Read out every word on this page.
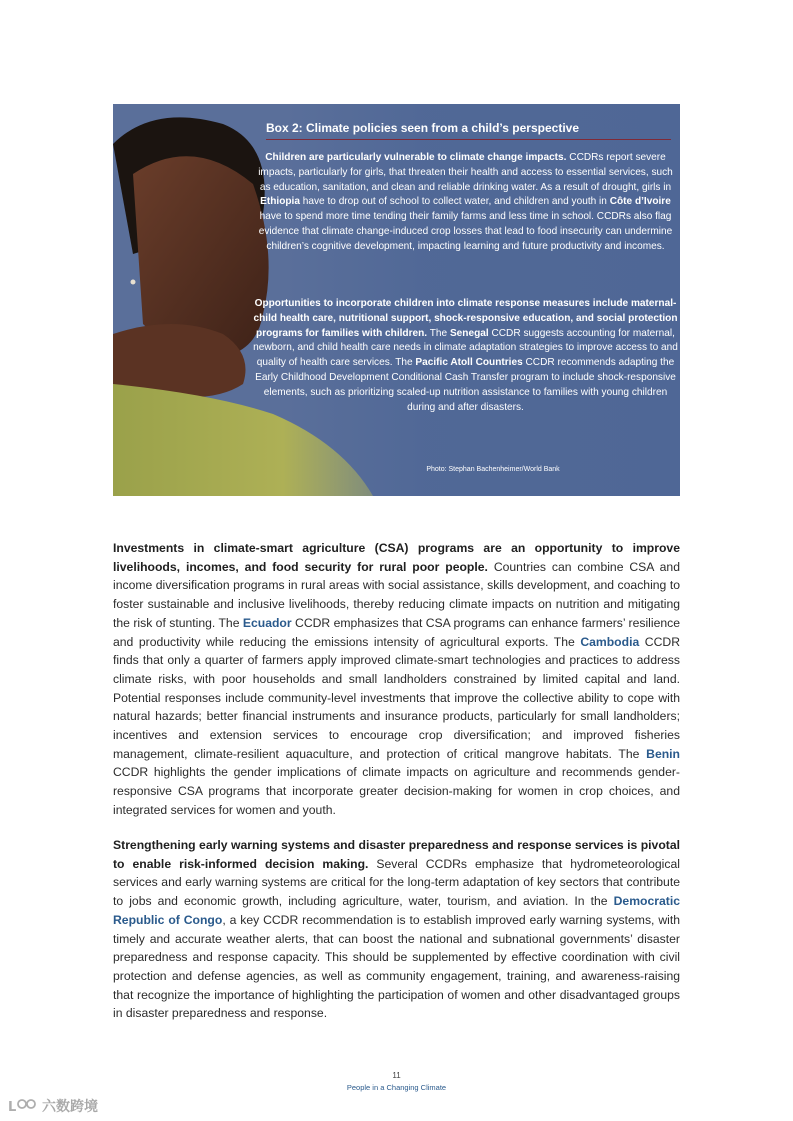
Box 2: Climate policies seen from a child’s perspective

Children are particularly vulnerable to climate change impacts. CCDRs report severe impacts, particularly for girls, that threaten their health and access to essential services, such as education, sanitation, and clean and reliable drinking water. As a result of drought, girls in Ethiopia have to drop out of school to collect water, and children and youth in Côte d’Ivoire have to spend more time tending their family farms and less time in school. CCDRs also flag evidence that climate change-induced crop losses that lead to food insecurity can undermine children’s cognitive development, impacting learning and future productivity and incomes.

Opportunities to incorporate children into climate response measures include maternal-child health care, nutritional support, shock-responsive education, and social protection programs for families with children. The Senegal CCDR suggests accounting for maternal, newborn, and child health care needs in climate adaptation strategies to improve access to and quality of health care services. The Pacific Atoll Countries CCDR recommends adapting the Early Childhood Development Conditional Cash Transfer program to include shock-responsive elements, such as prioritizing scaled-up nutrition assistance to families with young children during and after disasters.

Photo: Stephan Bachenheimer/World Bank

Investments in climate-smart agriculture (CSA) programs are an opportunity to improve livelihoods, incomes, and food security for rural poor people. Countries can combine CSA and income diversification programs in rural areas with social assistance, skills development, and coaching to foster sustainable and inclusive livelihoods, thereby reducing climate impacts on nutrition and mitigating the risk of stunting. The Ecuador CCDR emphasizes that CSA programs can enhance farmers’ resilience and productivity while reducing the emissions intensity of agricultural exports. The Cambodia CCDR finds that only a quarter of farmers apply improved climate-smart technologies and practices to address climate risks, with poor households and small landholders constrained by limited capital and land. Potential responses include community-level investments that improve the collective ability to cope with natural hazards; better financial instruments and insurance products, particularly for small landholders; incentives and extension services to encourage crop diversification; and improved fisheries management, climate-resilient aquaculture, and protection of critical mangrove habitats. The Benin CCDR highlights the gender implications of climate impacts on agriculture and recommends gender-responsive CSA programs that incorporate greater decision-making for women in crop choices, and integrated services for women and youth.

Strengthening early warning systems and disaster preparedness and response services is pivotal to enable risk-informed decision making. Several CCDRs emphasize that hydrometeorological services and early warning systems are critical for the long-term adaptation of key sectors that contribute to jobs and economic growth, including agriculture, water, tourism, and aviation. In the Democratic Republic of Congo, a key CCDR recommendation is to establish improved early warning systems, with timely and accurate weather alerts, that can boost the national and subnational governments’ disaster preparedness and response capacity. This should be supplemented by effective coordination with civil protection and defense agencies, as well as community engagement, training, and awareness-raising that recognize the importance of highlighting the participation of women and other disadvantaged groups in disaster preparedness and response.

11
People in a Changing Climate
L 六数跨境
